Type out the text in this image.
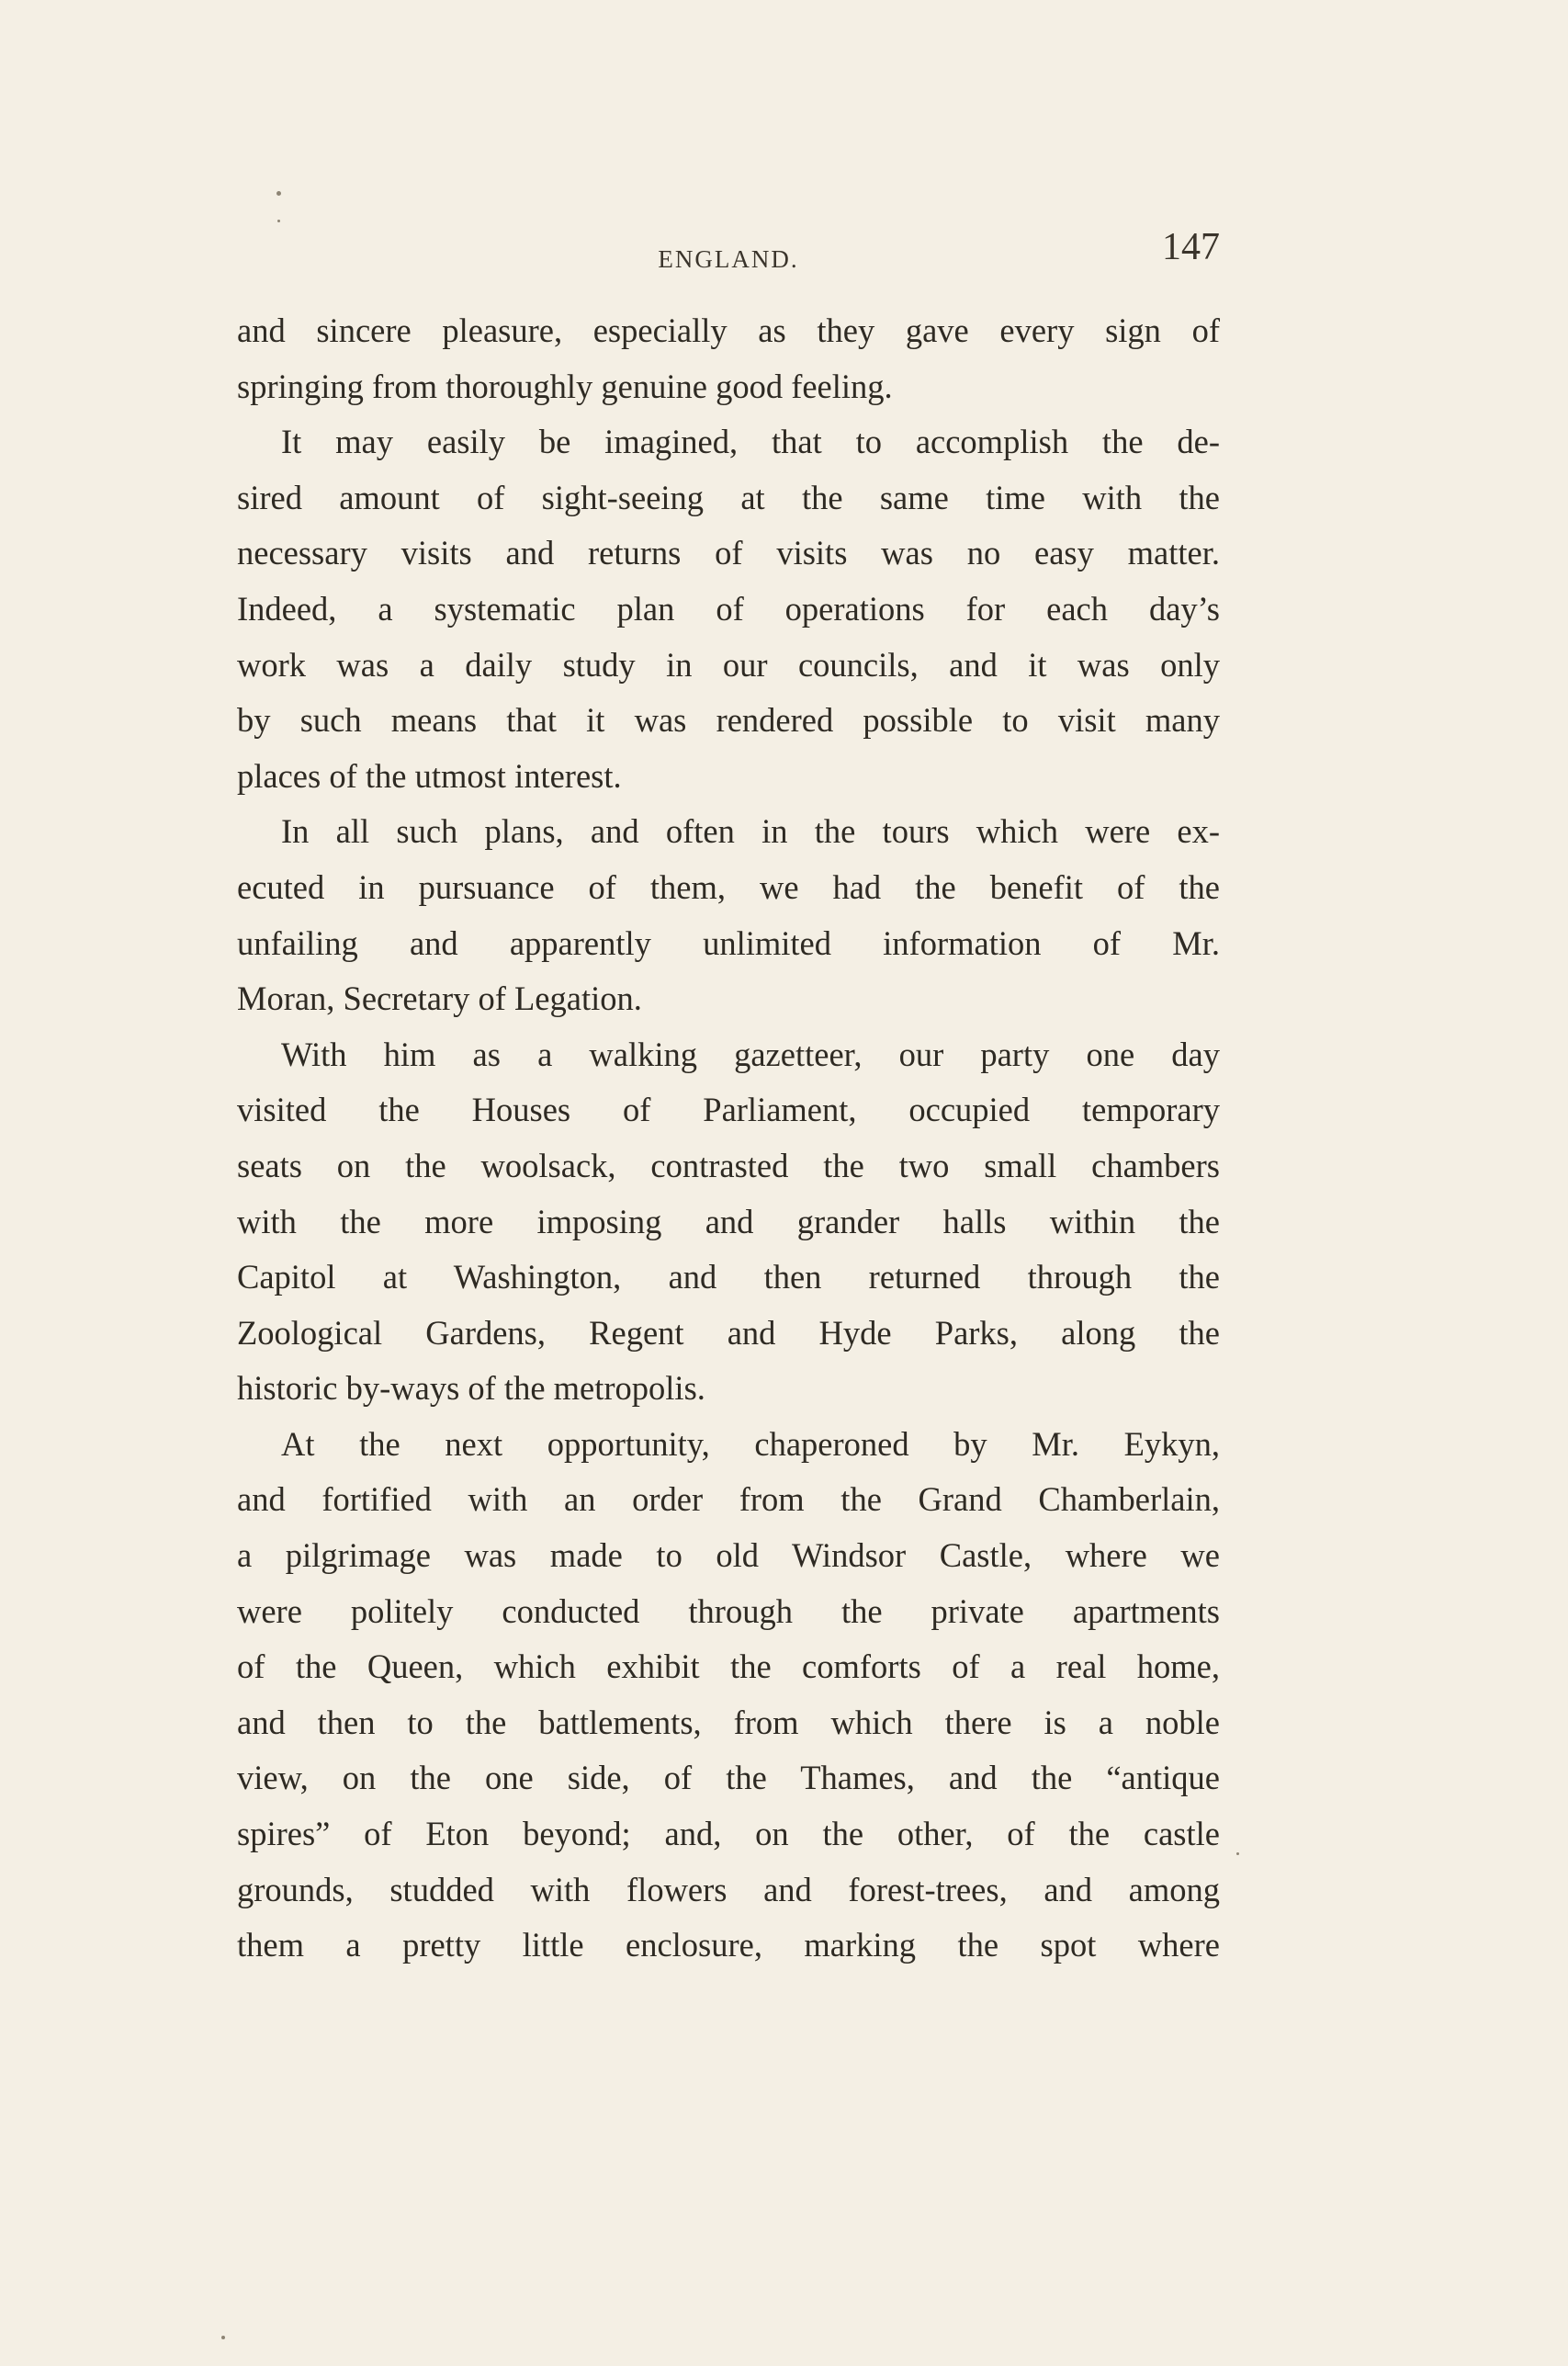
ENGLAND.	147
and sincere pleasure, especially as they gave every sign of
springing from thoroughly genuine good feeling.
It may easily be imagined, that to accomplish the de-
sired amount of sight-seeing at the same time with the
necessary visits and returns of visits was no easy matter.
Indeed, a systematic plan of operations for each day’s
work was a daily study in our councils, and it was only
by such means that it was rendered possible to visit many
places of the utmost interest.
In all such plans, and often in the tours which were ex-
ecuted in pursuance of them, we had the benefit of the
unfailing and apparently unlimited information of Mr.
Moran, Secretary of Legation.
With him as a walking gazetteer, our party one day
visited the Houses of Parliament, occupied temporary
seats on the woolsack, contrasted the two small chambers
with the more imposing and grander halls within the
Capitol at Washington, and then returned through the
Zoological Gardens, Regent and Hyde Parks, along the
historic by-ways of the metropolis.
At the next opportunity, chaperoned by Mr. Eykyn,
and fortified with an order from the Grand Chamberlain,
a pilgrimage was made to old Windsor Castle, where we
were politely conducted through the private apartments
of the Queen, which exhibit the comforts of a real home,
and then to the battlements, from which there is a noble
view, on the one side, of the Thames, and the “antique
spires” of Eton beyond; and, on the other, of the castle
grounds, studded with flowers and forest-trees, and among
them a pretty little enclosure, marking the spot where
